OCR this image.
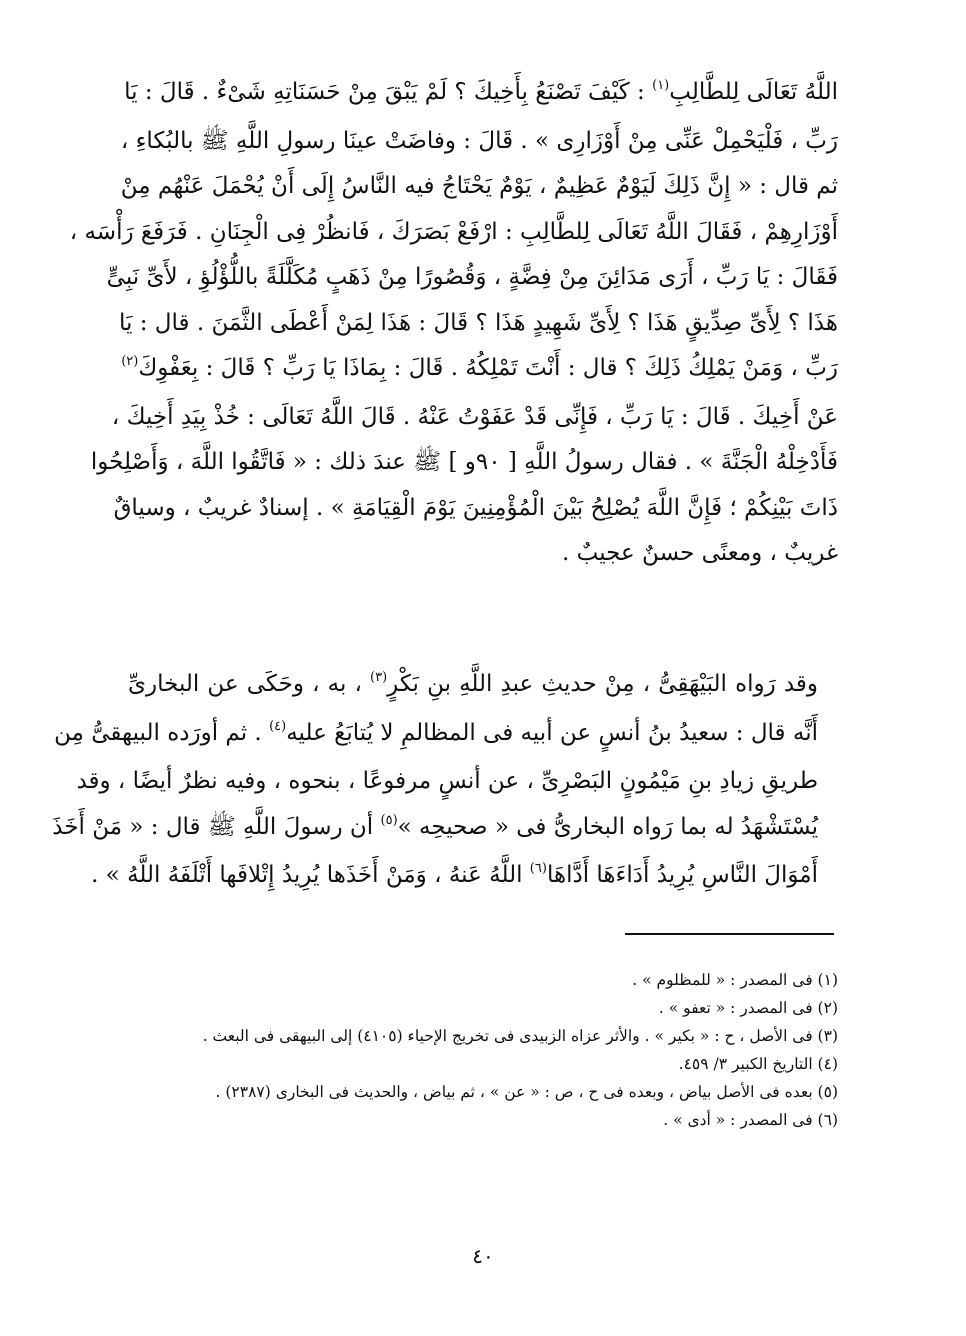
اللَّهُ تَعَالَى لِلطَّالِبِ$^{(١)}$ : كَيْفَ تَصْنَعُ بِأَخِيكَ ؟ لَمْ يَبْقَ مِنْ حَسَنَاتِهِ شَىْءٌ . قَالَ : يَا
رَبِّ ، فَلْيَحْمِلْ عَنِّى مِنْ أَوْزَارِى » . قَالَ : وفاضَتْ عينَا رسولِ اللَّهِ ﷺ بالبُكاءِ ،
ثم قال : « إِنَّ ذَلِكَ لَيَوْمٌ عَظِيمٌ ، يَوْمٌ يَحْتَاجُ فيه النَّاسُ إِلَى أَنْ يُحْمَلَ عَنْهُم مِنْ
أَوْزَارِهِمْ ، فَقَالَ اللَّهُ تَعَالَى لِلطَّالِبِ : ارْفَعْ بَصَرَكَ ، فَانظُرْ فِى الْجِنَانِ . فَرَفَعَ رَأْسَه ،
فَقَالَ : يَا رَبِّ ، أَرَى مَدَائِنَ مِنْ فِضَّةٍ ، وَقُصُورًا مِنْ ذَهَبٍ مُكَلَّلَةً باللُّؤْلُؤِ ، لأَىِّ نَبِىٍّ
هَذَا ؟ لِأَىِّ صِدِّيقٍ هَذَا ؟ لِأَىِّ شَهِيدٍ هَذَا ؟ قَالَ : هَذَا لِمَنْ أَعْطَى الثَّمَنَ . قال : يَا
رَبِّ ، وَمَنْ يَمْلِكُ ذَلِكَ ؟ قال : أَنْتَ تَمْلِكُهُ . قَالَ : بِمَاذَا يَا رَبِّ ؟ قَالَ : بِعَفْوِكَ$^{(٢)}$
عَنْ أَخِيكَ . قَالَ : يَا رَبِّ ، فَإِنِّى قَدْ عَفَوْتُ عَنْهُ . قَالَ اللَّهُ تَعَالَى : خُذْ بِيَدِ أَخِيكَ ،
فَأَدْخِلْهُ الْجَنَّةَ » . فقال رسولُ اللَّهِ [ ٩٠و ] ﷺ عندَ ذلك : « فَاتَّقُوا اللَّهَ ، وَأَصْلِحُوا
ذَاتَ بَيْنِكُمْ ؛ فَإِنَّ اللَّهَ يُصْلِحُ بَيْنَ الْمُؤْمِنِينَ يَوْمَ الْقِيَامَةِ » . إسنادٌ غريبٌ ، وسياقٌ
غريبٌ ، ومعنًى حسنٌ عجيبٌ .
وقد رَواه البَيْهَقِىُّ ، مِنْ حديثِ عبدِ اللَّهِ بنِ بَكْرٍ$^{(٣)}$ ، به ، وحَكَى عن البخارىِّ
أَنَّه قال : سعيدُ بنُ أنسٍ عن أبيه فى المظالمِ لا يُتابَعُ عليه$^{(٤)}$ . ثم أورَده البيهقىُّ مِن
طريقِ زيادِ بنِ مَيْمُونٍ البَصْرِىِّ ، عن أنسٍ مرفوعًا ، بنحوه ، وفيه نظرٌ أيضًا ، وقد
يُسْتَشْهَدُ له بما رَواه البخارىُّ فى « صحيحِه »$^{(٥)}$ أن رسولَ اللَّهِ ﷺ قال : « مَنْ أَخَذَ
أَمْوَالَ النَّاسِ يُرِيدُ أَدَاءَهَا أَدَّاهَا$^{(٦)}$ اللَّهُ عَنهُ ، وَمَنْ أَخَذَها يُرِيدُ إِتْلافَها أَتْلَفَهُ اللَّهُ » .
(١) فى المصدر : « للمظلوم » .
(٢) فى المصدر : « تعفو » .
(٣) فى الأصل ، ح : « بكير » . والأثر عزاه الزبيدى فى تخريج الإحياء (٤١٠٥) إلى البيهقى فى البعث .
(٤) التاريخ الكبير ٣/ ٤٥٩.
(٥) بعده فى الأصل بياض ، وبعده فى ح ، ص : « عن » ، ثم بياض ، والحديث فى البخارى (٢٣٨٧) .
(٦) فى المصدر : « أدى » .
٤٠
